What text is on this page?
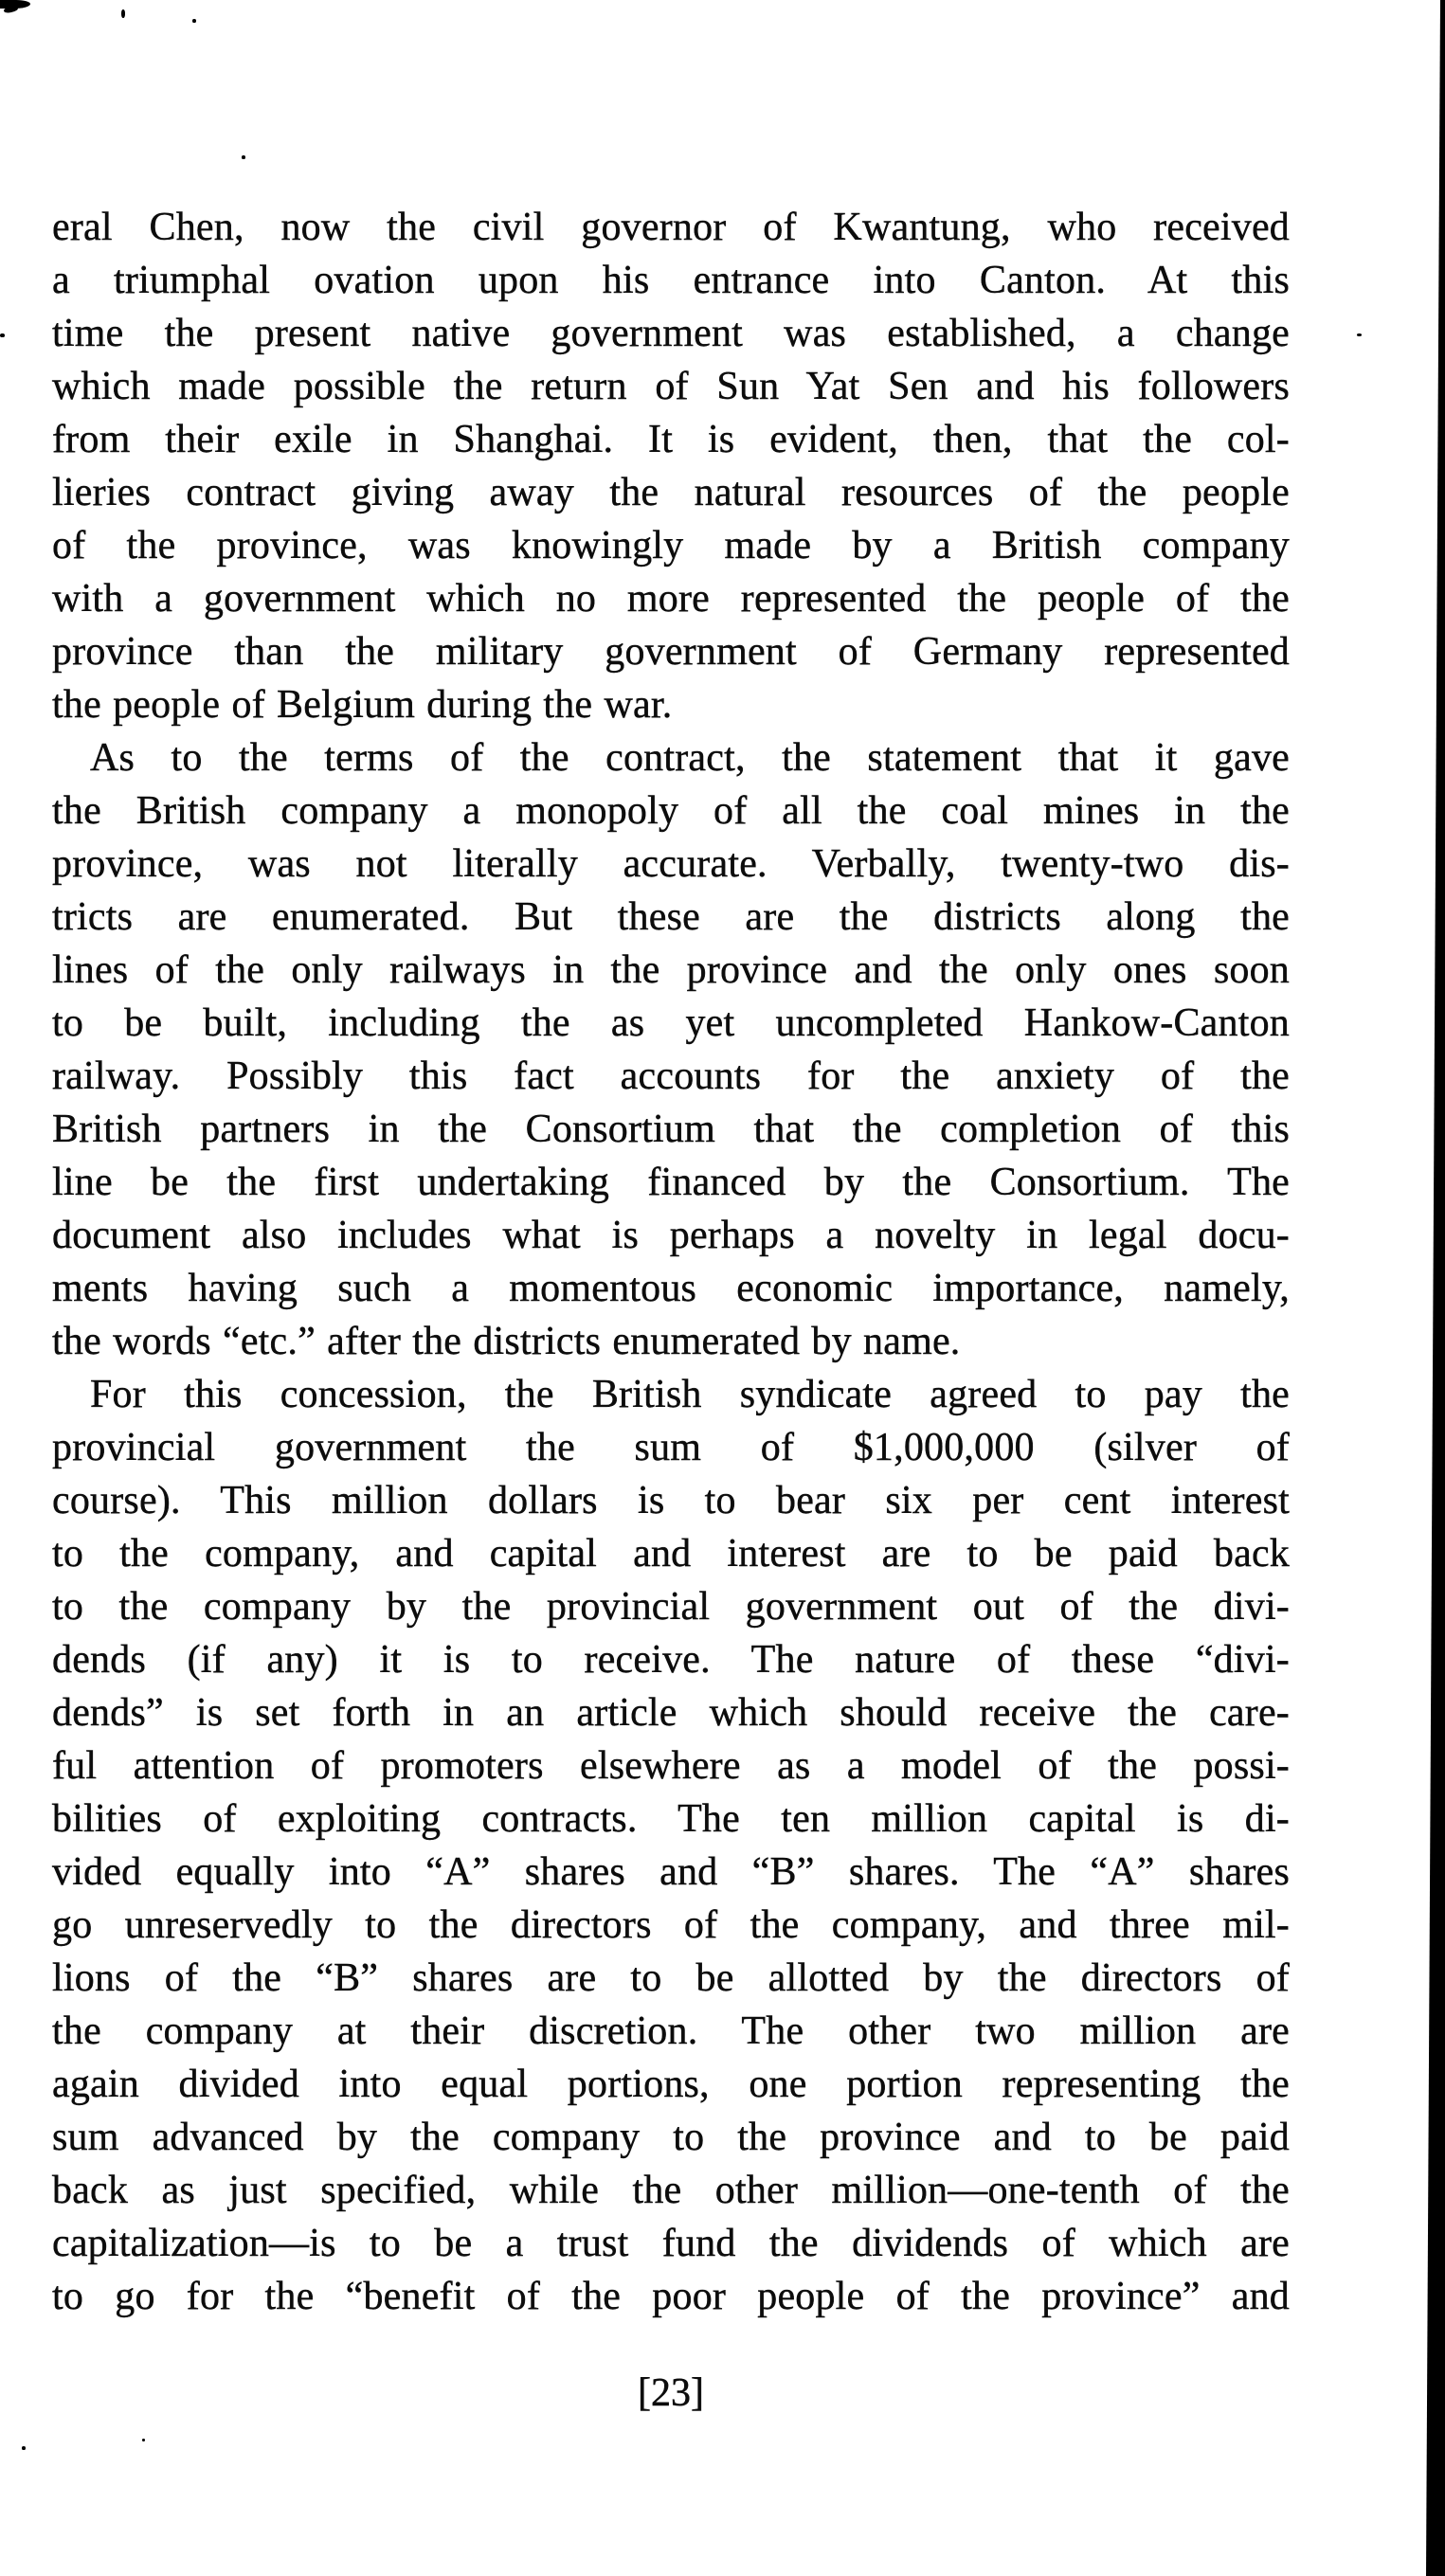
eral Chen, now the civil governor of Kwantung, who received
a triumphal ovation upon his entrance into Canton. At this
time the present native government was established, a change
which made possible the return of Sun Yat Sen and his followers
from their exile in Shanghai. It is evident, then, that the col-
lieries contract giving away the natural resources of the people
of the province, was knowingly made by a British company
with a government which no more represented the people of the
province than the military government of Germany represented
the people of Belgium during the war.
As to the terms of the contract, the statement that it gave
the British company a monopoly of all the coal mines in the
province, was not literally accurate. Verbally, twenty-two dis-
tricts are enumerated. But these are the districts along the
lines of the only railways in the province and the only ones soon
to be built, including the as yet uncompleted Hankow-Canton
railway. Possibly this fact accounts for the anxiety of the
British partners in the Consortium that the completion of this
line be the first undertaking financed by the Consortium. The
document also includes what is perhaps a novelty in legal docu-
ments having such a momentous economic importance, namely,
the words “etc.” after the districts enumerated by name.
For this concession, the British syndicate agreed to pay the
provincial government the sum of $1,000,000 (silver of
course). This million dollars is to bear six per cent interest
to the company, and capital and interest are to be paid back
to the company by the provincial government out of the divi-
dends (if any) it is to receive. The nature of these “divi-
dends” is set forth in an article which should receive the care-
ful attention of promoters elsewhere as a model of the possi-
bilities of exploiting contracts. The ten million capital is di-
vided equally into “A” shares and “B” shares. The “A” shares
go unreservedly to the directors of the company, and three mil-
lions of the “B” shares are to be allotted by the directors of
the company at their discretion. The other two million are
again divided into equal portions, one portion representing the
sum advanced by the company to the province and to be paid
back as just specified, while the other million—one-tenth of the
capitalization—is to be a trust fund the dividends of which are
to go for the “benefit of the poor people of the province” and
[23]
